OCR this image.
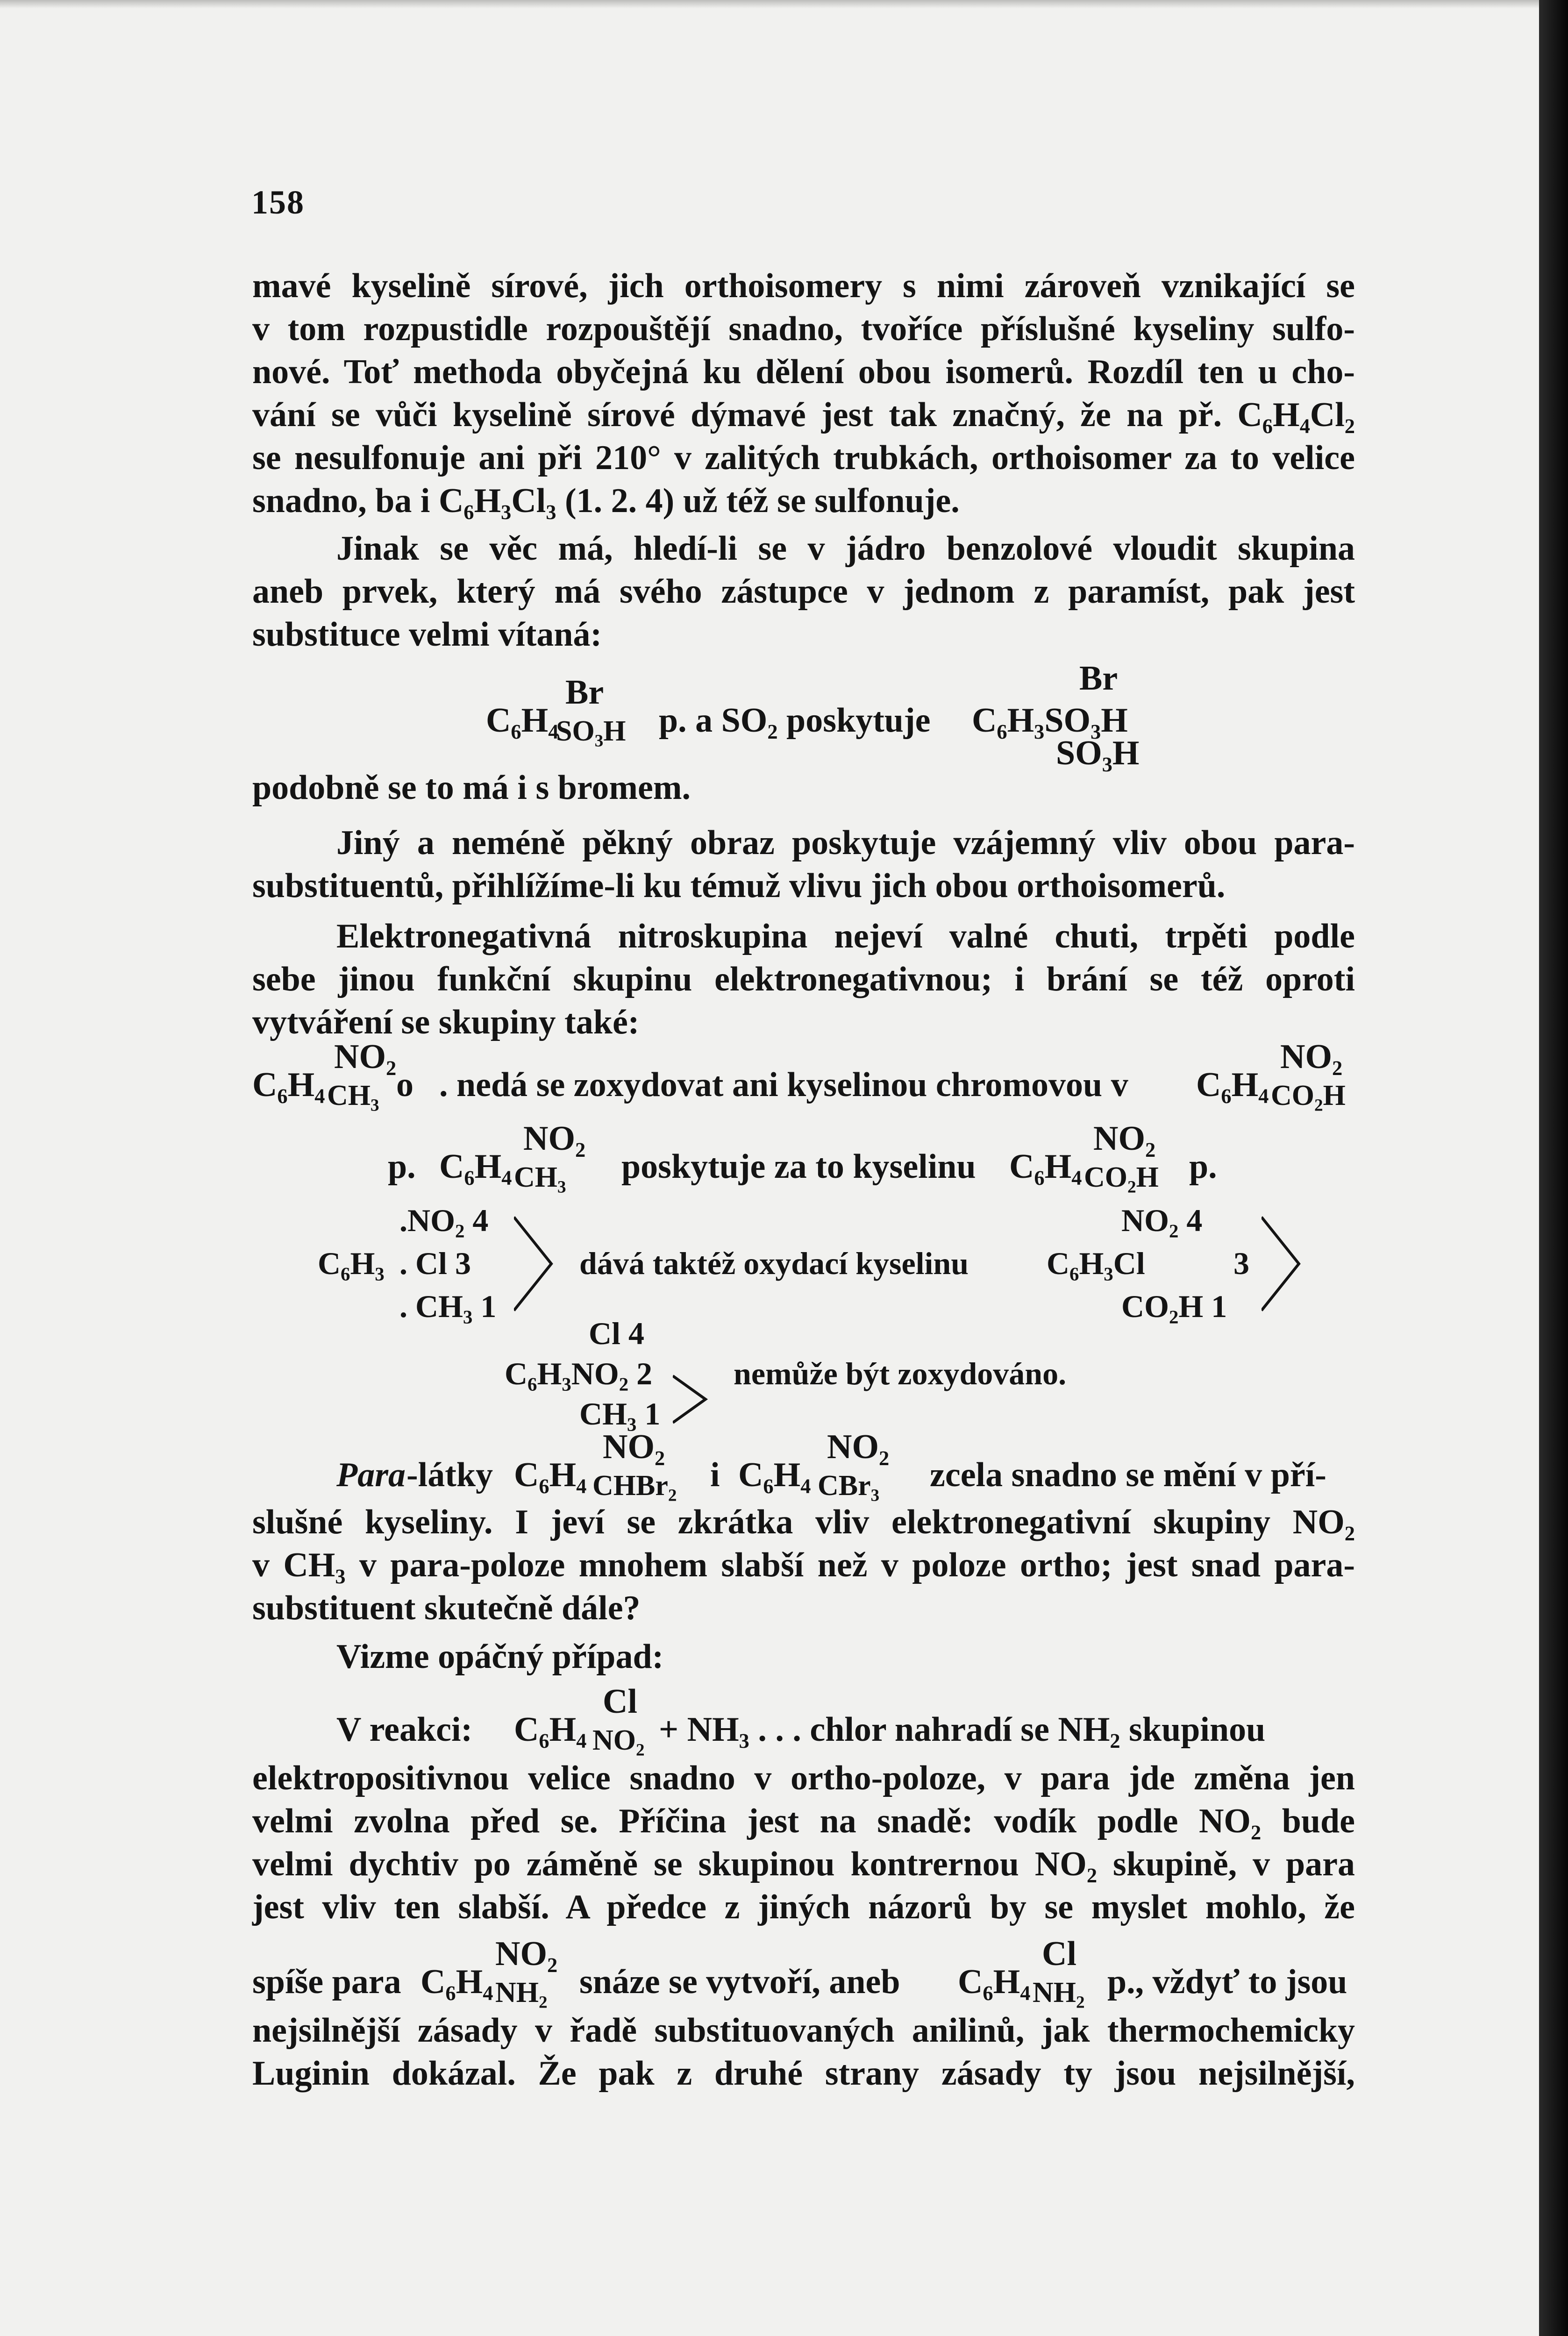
158
mavé kyselině sírové, jich orthoisomery s nimi zároveň vznikající se
v tom rozpustidle rozpouštějí snadno, tvoříce příslušné kyseliny sulfo-
nové. Toť methoda obyčejná ku dělení obou isomerů. Rozdíl ten u cho-
vání se vůči kyselině sírové dýmavé jest tak značný, že na př. C₆H₄Cl₂
se nesulfonuje ani při 210° v zalitých trubkách, orthoisomer za to velice
snadno, ba i C₆H₃Cl₃ (1. 2. 4) už též se sulfonuje.
Jinak se věc má, hledí-li se v jádro benzolové vloudit skupina
aneb prvek, který má svého zástupce v jednom z paramíst, pak jest
substituce velmi vítaná:
C₆H₄
Br
SO₃H p. a SO₂ poskytuje C₆H₃SO₃H
Br
SO₃H
podobně se to má i s bromem.
Jiný a neméně pěkný obraz poskytuje vzájemný vliv obou para-
substituentů, přihlížíme-li ku témuž vlivu jich obou orthoisomerů.
Elektronegativná nitroskupina nejeví valné chuti, trpěti podle
sebe jinou funkční skupinu elektronegativnou; i brání se též oproti
vytváření se skupiny také:
C₆H₄
NO₂
CH₃ o . nedá se zoxydovat ani kyselinou chromovou v C₆H₄
NO₂
CO₂H
p. C₆H₄
NO₂
CH₃ poskytuje za to kyselinu C₆H₄
NO₂
CO₂H p.
C₆H₃
.NO₂ 4
. Cl 3
. CH₃ 1
dává taktéž oxydací kyselinu C₆H₃Cl
NO₂ 4
3
CO₂H 1
Cl 4
C₆H₃NO₂ 2
CH₃ 1
nemůže být zoxydováno.
Para -látky C₆H₄
NO₂
CHBr₂ i C₆H₄
NO₂
CBr₃ zcela snadno se mění v pří-
slušné kyseliny. I jeví se zkrátka vliv elektronegativní skupiny NO₂
v CH₃ v para-poloze mnohem slabší než v poloze ortho; jest snad para-
substituent skutečně dále?
Vizme opáčný případ:
V reakci: C₆H₄
Cl
NO₂ + NH₃ . . . chlor nahradí se NH₂ skupinou
elektropositivnou velice snadno v ortho-poloze, v para jde změna jen
velmi zvolna před se. Příčina jest na snadě: vodík podle NO₂ bude
velmi dychtiv po záměně se skupinou kontrernou NO₂ skupině, v para
jest vliv ten slabší. A předce z jiných názorů by se myslet mohlo, že
spíše para C₆H₄
NO₂
NH₂ snáze se vytvoří, aneb C₆H₄
Cl
NH₂ p., vždyť to jsou
nejsilnější zásady v řadě substituovaných anilinů, jak thermochemicky
Luginin dokázal. Že pak z druhé strany zásady ty jsou nejsilnější,
